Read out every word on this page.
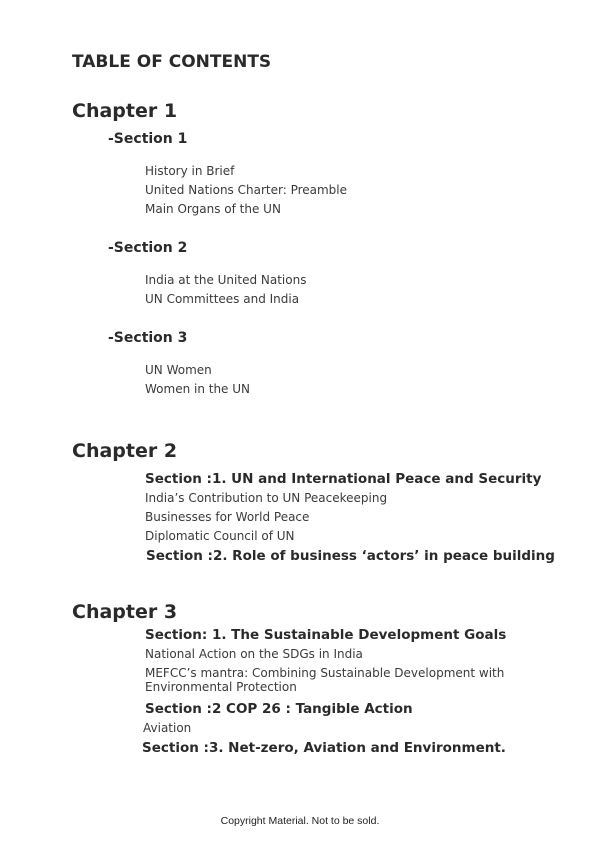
TABLE OF CONTENTS
Chapter 1
-Section 1
History in Brief
United Nations Charter: Preamble
Main Organs of the UN
-Section 2
India at the United Nations
UN Committees and India
-Section 3
UN Women
Women in the UN
Chapter 2
Section :1. UN and International Peace and Security
India’s Contribution to UN Peacekeeping
Businesses for World Peace
Diplomatic Council of UN
Section :2. Role of business ‘actors’ in peace building
Chapter 3
Section: 1. The Sustainable Development Goals
National Action on the SDGs in India
MEFCC’s mantra: Combining Sustainable Development with Environmental Protection
Section :2 COP 26 : Tangible Action
Aviation
Section :3. Net-zero, Aviation and Environment.
Copyright Material. Not to be sold.
